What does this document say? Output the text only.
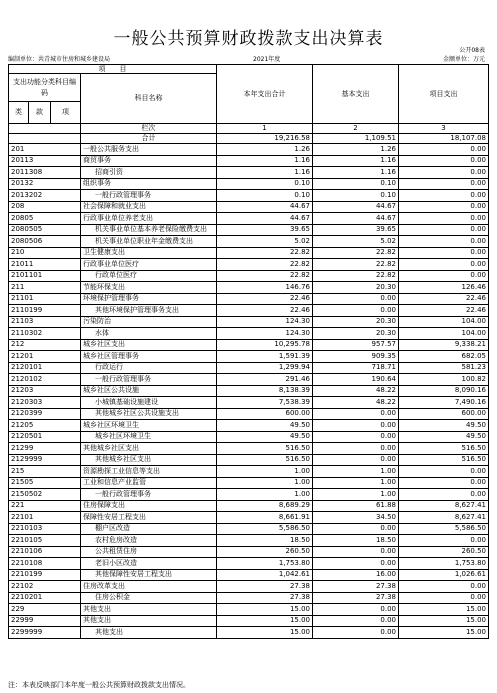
一般公共预算财政拨款支出决算表
公开08表
编制单位：共青城市住房和城乡建设局	2021年度	金额单位：万元
项　　目				本年支出合计	基本支出	项目支出
支出功能分类科目编码			科目名称			
类	款	项				
			栏次	1	2	3
			合计	19,216.58	1,109.51	18,107.08
201			一般公共服务支出	1.26	1.26	0.00
20113			商贸事务	1.16	1.16	0.00
2011308			招商引资	1.16	1.16	0.00
20132			组织事务	0.10	0.10	0.00
2013202			一般行政管理事务	0.10	0.10	0.00
208			社会保障和就业支出	44.67	44.67	0.00
20805			行政事业单位养老支出	44.67	44.67	0.00
2080505			机关事业单位基本养老保险缴费支出	39.65	39.65	0.00
2080506			机关事业单位职业年金缴费支出	5.02	5.02	0.00
210			卫生健康支出	22.82	22.82	0.00
21011			行政事业单位医疗	22.82	22.82	0.00
2101101			行政单位医疗	22.82	22.82	0.00
211			节能环保支出	146.76	20.30	126.46
21101			环境保护管理事务	22.46	0.00	22.46
2110199			其他环境保护管理事务支出	22.46	0.00	22.46
21103			污染防治	124.30	20.30	104.00
2110302			水体	124.30	20.30	104.00
212			城乡社区支出	10,295.78	957.57	9,338.21
21201			城乡社区管理事务	1,591.39	909.35	682.05
2120101			行政运行	1,299.94	718.71	581.23
2120102			一般行政管理事务	291.46	190.64	100.82
21203			城乡社区公共设施	8,138.39	48.22	8,090.16
2120303			小城镇基础设施建设	7,538.39	48.22	7,490.16
2120399			其他城乡社区公共设施支出	600.00	0.00	600.00
21205			城乡社区环境卫生	49.50	0.00	49.50
2120501			城乡社区环境卫生	49.50	0.00	49.50
21299			其他城乡社区支出	516.50	0.00	516.50
2129999			其他城乡社区支出	516.50	0.00	516.50
215			资源勘探工业信息等支出	1.00	1.00	0.00
21505			工业和信息产业监管	1.00	1.00	0.00
2150502			一般行政管理事务	1.00	1.00	0.00
221			住房保障支出	8,689.29	61.88	8,627.41
22101			保障性安居工程支出	8,661.91	34.50	8,627.41
2210103			棚户区改造	5,586.50	0.00	5,586.50
2210105			农村危房改造	18.50	18.50	0.00
2210106			公共租赁住房	260.50	0.00	260.50
2210108			老旧小区改造	1,753.80	0.00	1,753.80
2210199			其他保障性安居工程支出	1,042.61	16.00	1,026.61
22102			住房改革支出	27.38	27.38	0.00
2210201			住房公积金	27.38	27.38	0.00
229			其他支出	15.00	0.00	15.00
22999			其他支出	15.00	0.00	15.00
2299999			其他支出	15.00	0.00	15.00
注：本表反映部门本年度一般公共预算财政拨款支出情况。
